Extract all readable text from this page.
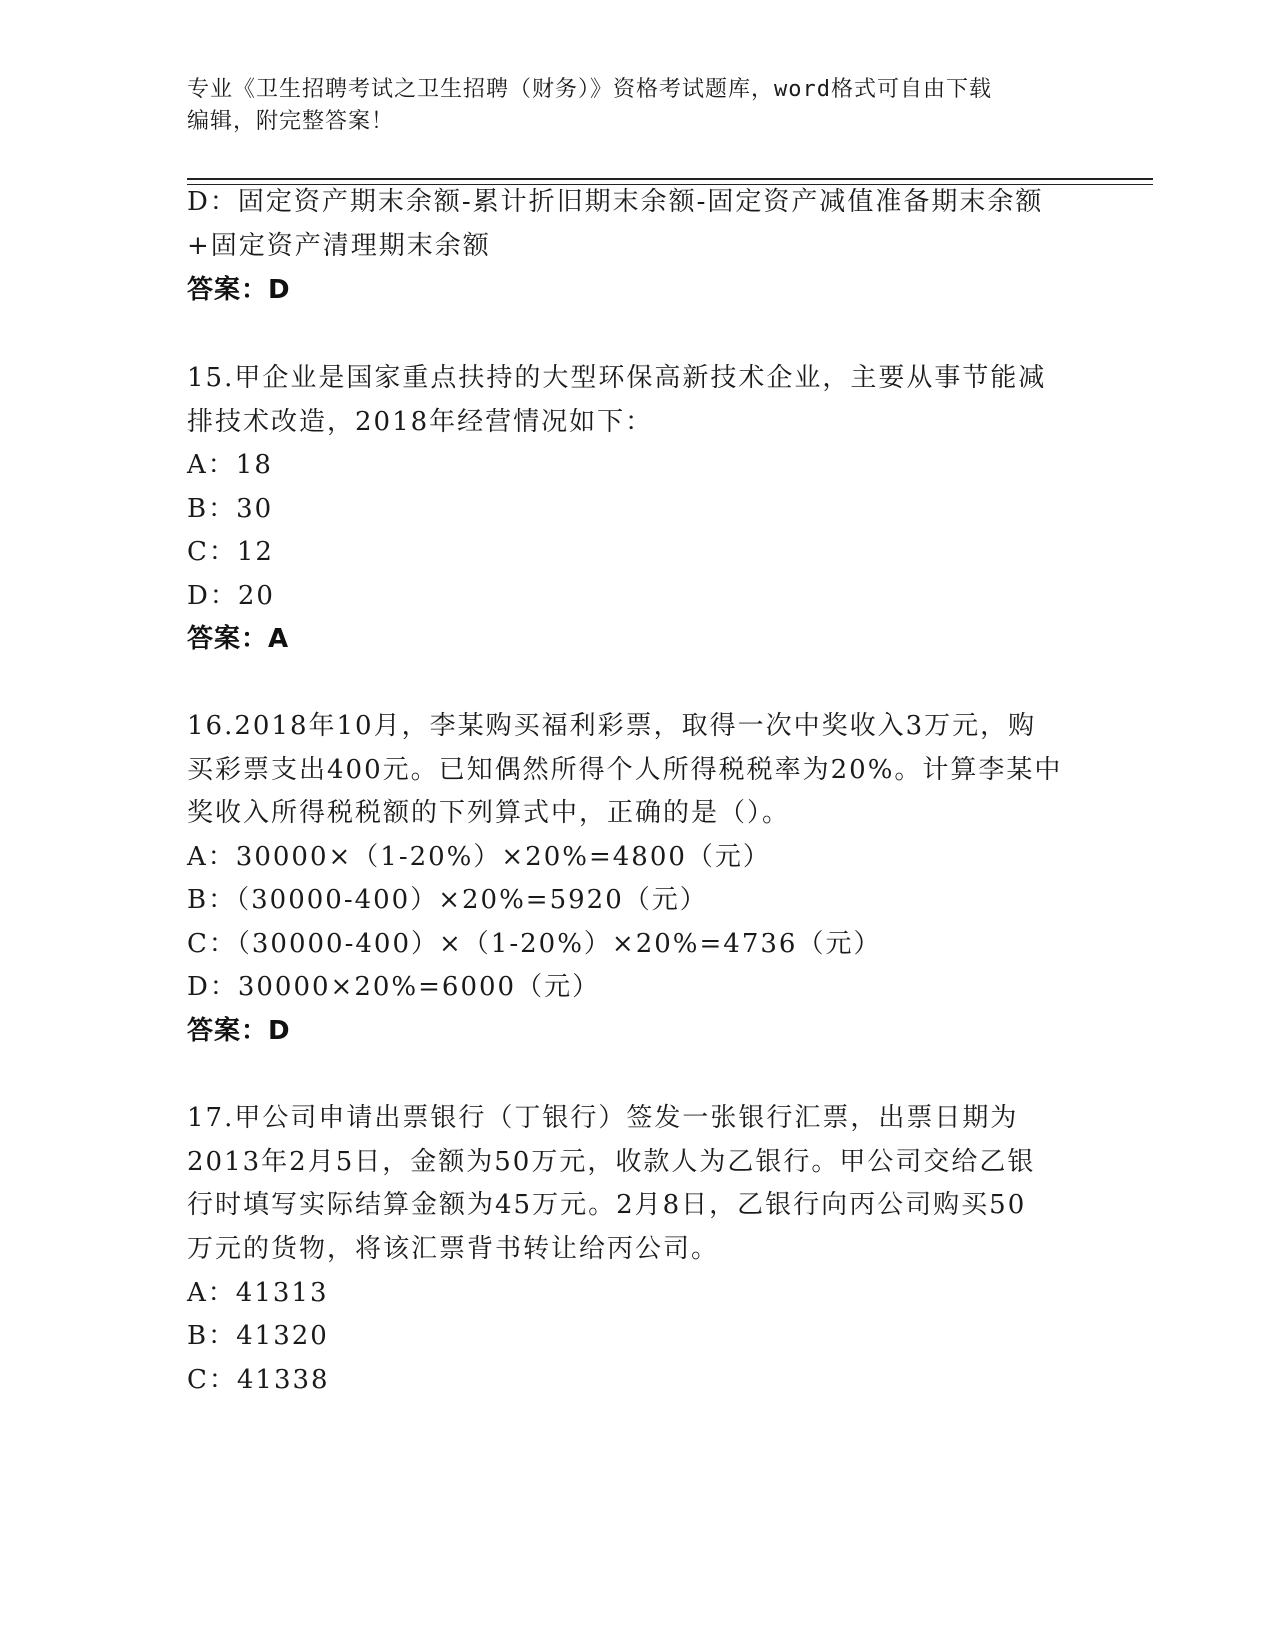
专业《卫生招聘考试之卫生招聘（财务）》资格考试题库，word格式可自由下载
编辑，附完整答案！
D：固定资产期末余额-累计折旧期末余额-固定资产减值准备期末余额
+固定资产清理期末余额
答案：D
15.甲企业是国家重点扶持的大型环保高新技术企业，主要从事节能减
排技术改造，2018年经营情况如下：
A：18
B：30
C：12
D：20
答案：A
16.2018年10月，李某购买福利彩票，取得一次中奖收入3万元，购
买彩票支出400元。已知偶然所得个人所得税税率为20%。计算李某中
奖收入所得税税额的下列算式中，正确的是（）。
A：30000×（1-20%）×20%=4800（元）
B：（30000-400）×20%=5920（元）
C：（30000-400）×（1-20%）×20%=4736（元）
D：30000×20%=6000（元）
答案：D
17.甲公司申请出票银行（丁银行）签发一张银行汇票，出票日期为
2013年2月5日，金额为50万元，收款人为乙银行。甲公司交给乙银
行时填写实际结算金额为45万元。2月8日，乙银行向丙公司购买50
万元的货物，将该汇票背书转让给丙公司。
A：41313
B：41320
C：41338
